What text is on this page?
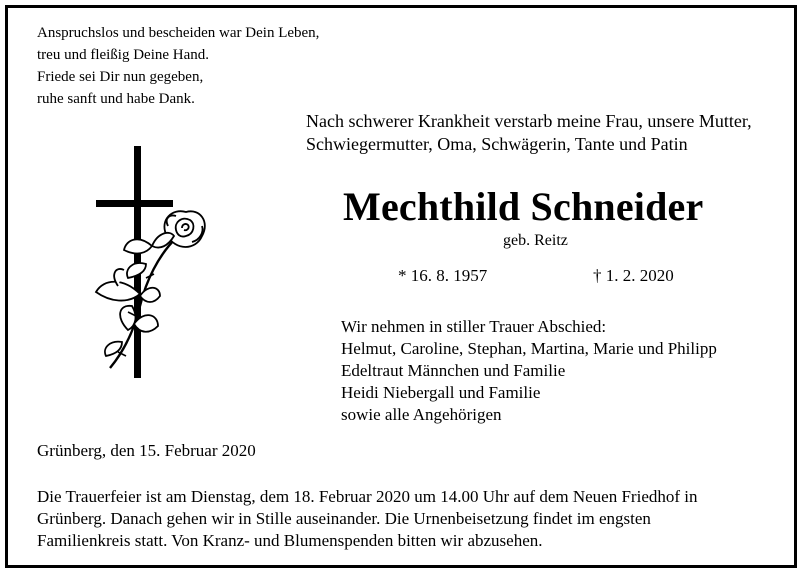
Anspruchslos und bescheiden war Dein Leben,
treu und fleißig Deine Hand.
Friede sei Dir nun gegeben,
ruhe sanft und habe Dank.
Nach schwerer Krankheit verstarb meine Frau, unsere Mutter,
Schwiegermutter, Oma, Schwägerin, Tante und Patin
Mechthild Schneider
geb. Reitz
* 16. 8. 1957	† 1. 2. 2020
Wir nehmen in stiller Trauer Abschied:
Helmut, Caroline, Stephan, Martina, Marie und Philipp
Edeltraut Männchen und Familie
Heidi Niebergall und Familie
sowie alle Angehörigen
Grünberg, den 15. Februar 2020
Die Trauerfeier ist am Dienstag, dem 18. Februar 2020 um 14.00 Uhr auf dem Neuen Friedhof in
Grünberg. Danach gehen wir in Stille auseinander. Die Urnenbeisetzung findet im engsten
Familienkreis statt. Von Kranz- und Blumenspenden bitten wir abzusehen.
